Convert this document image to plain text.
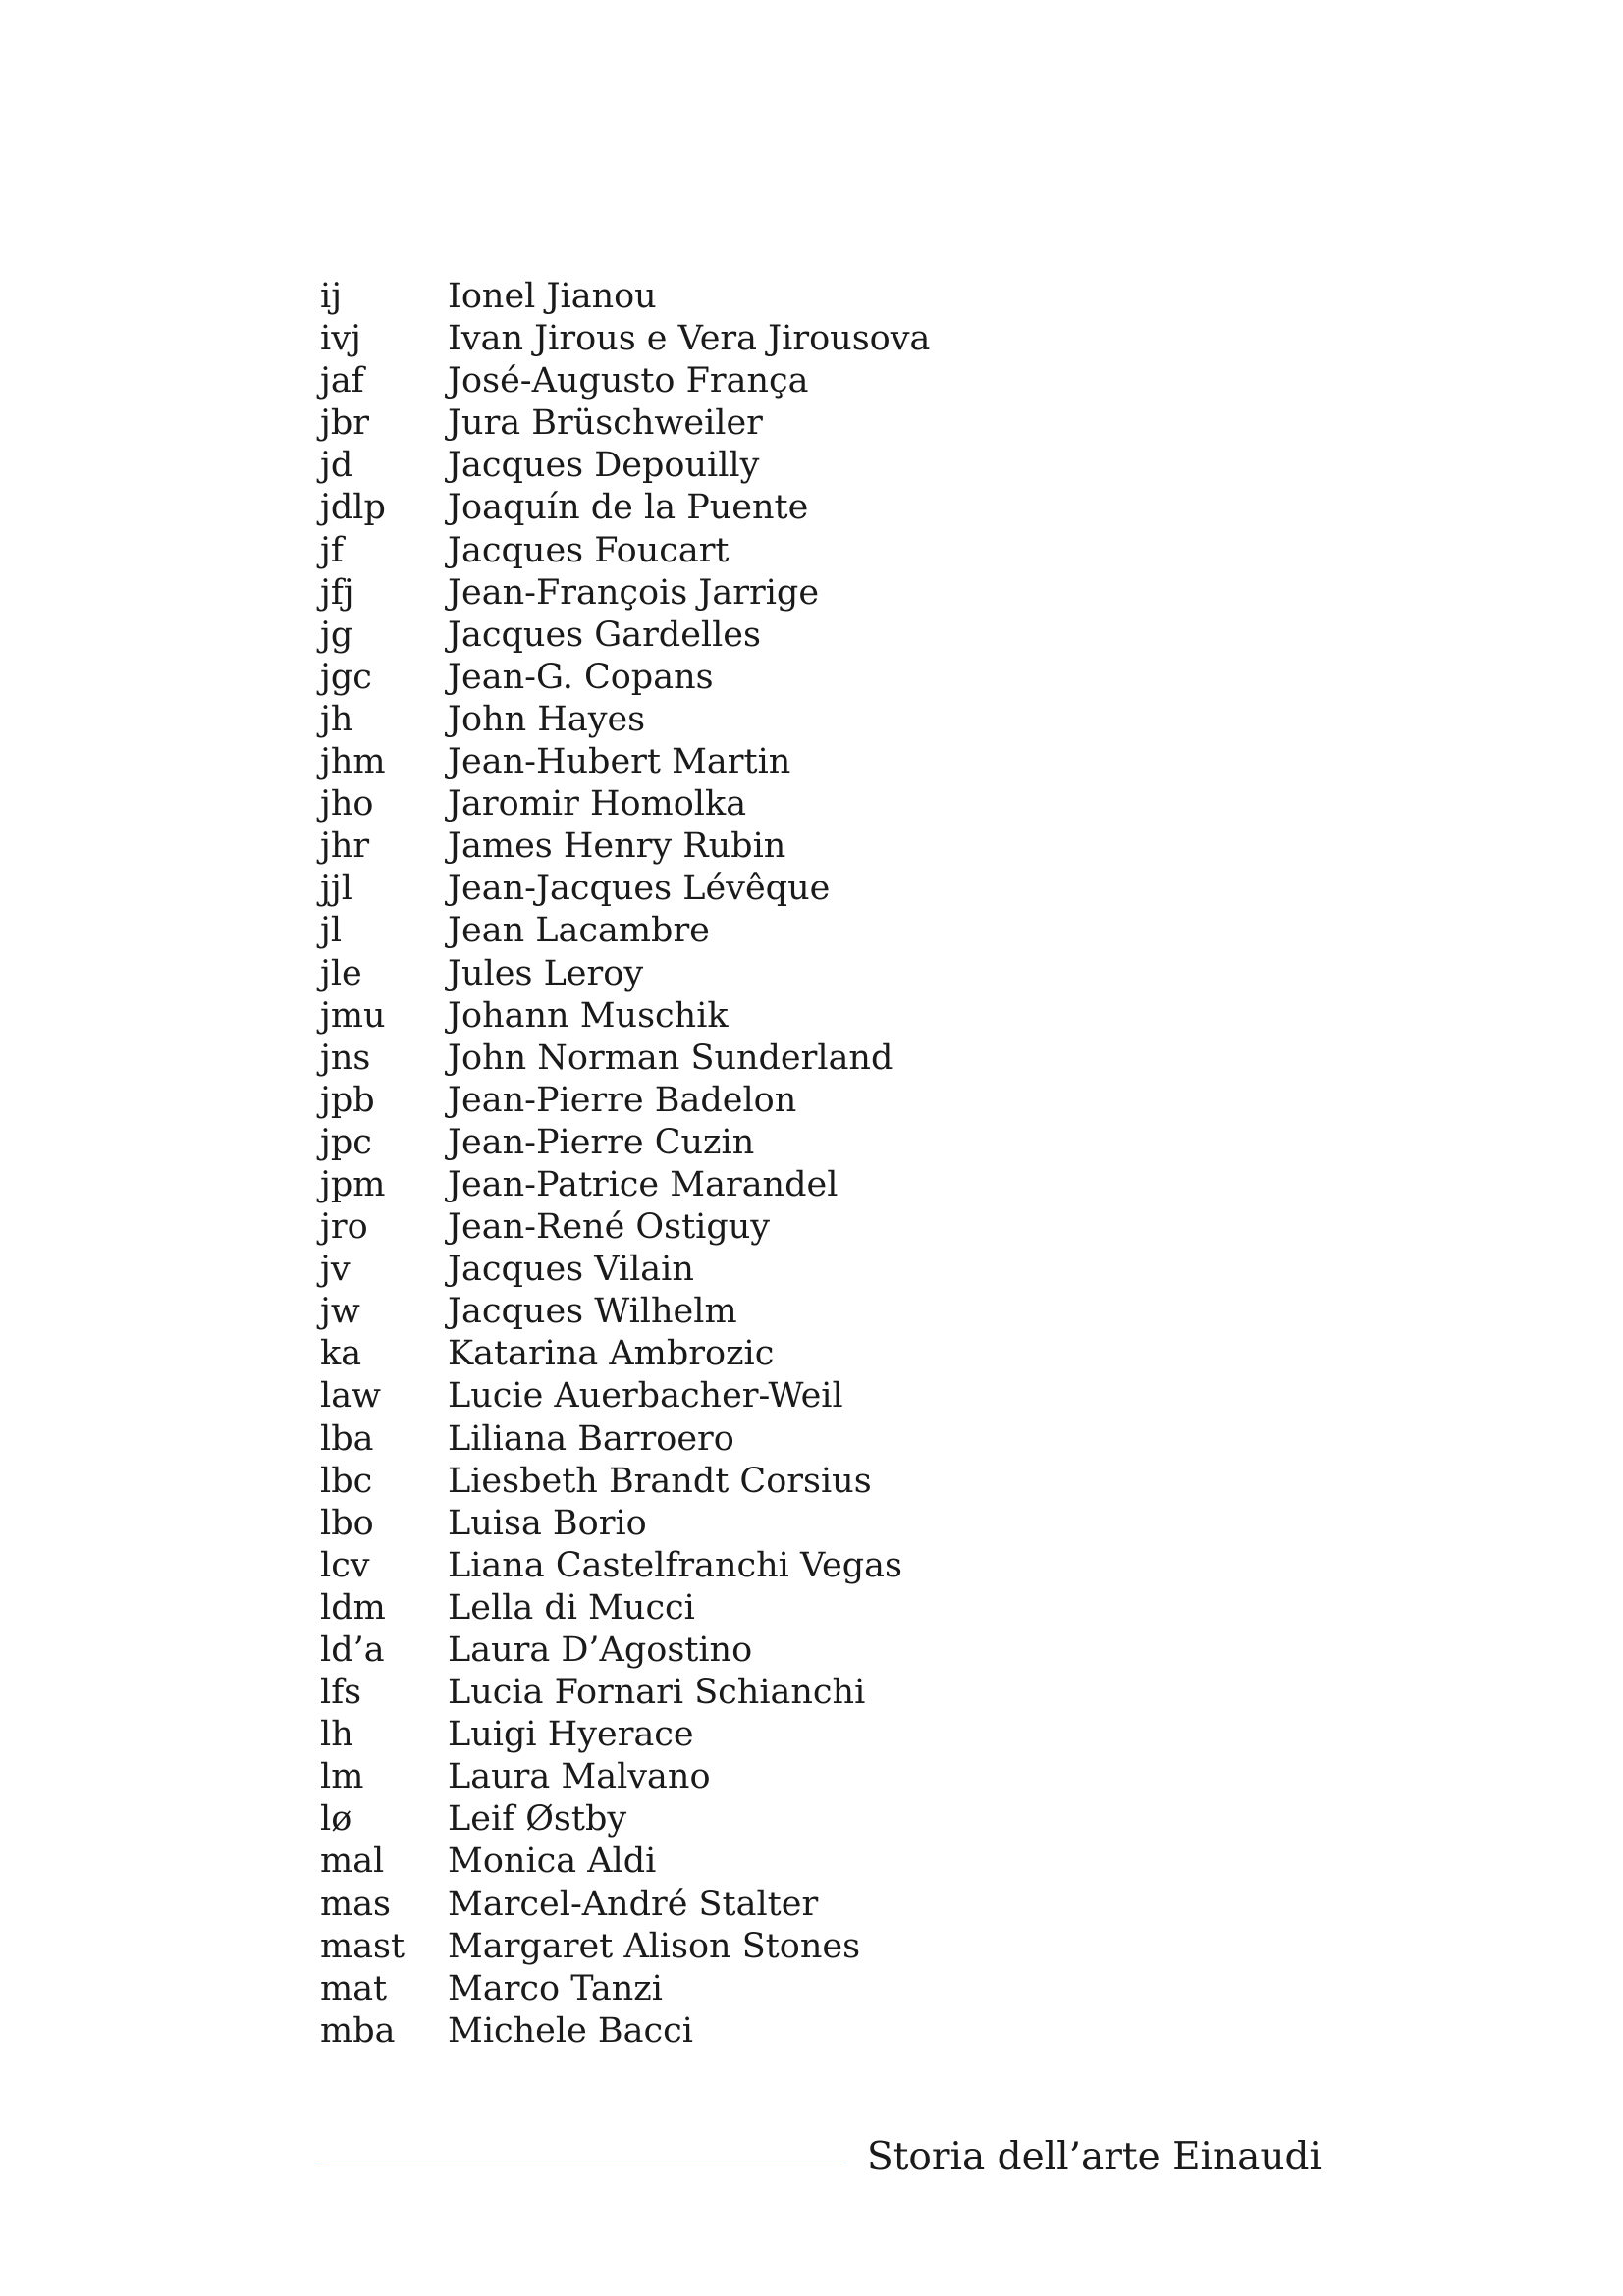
ij	Ionel Jianou
ivj	Ivan Jirous e Vera Jirousova
jaf	José-Augusto França
jbr	Jura Brüschweiler
jd	Jacques Depouilly
jdlp	Joaquín de la Puente
jf	Jacques Foucart
jfj	Jean-François Jarrige
jg	Jacques Gardelles
jgc	Jean-G. Copans
jh	John Hayes
jhm	Jean-Hubert Martin
jho	Jaromir Homolka
jhr	James Henry Rubin
jjl	Jean-Jacques Lévêque
jl	Jean Lacambre
jle	Jules Leroy
jmu	Johann Muschik
jns	John Norman Sunderland
jpb	Jean-Pierre Badelon
jpc	Jean-Pierre Cuzin
jpm	Jean-Patrice Marandel
jro	Jean-René Ostiguy
jv	Jacques Vilain
jw	Jacques Wilhelm
ka	Katarina Ambrozic
law	Lucie Auerbacher-Weil
lba	Liliana Barroero
lbc	Liesbeth Brandt Corsius
lbo	Luisa Borio
lcv	Liana Castelfranchi Vegas
ldm	Lella di Mucci
ld’a	Laura D’Agostino
lfs	Lucia Fornari Schianchi
lh	Luigi Hyerace
lm	Laura Malvano
lø	Leif Østby
mal	Monica Aldi
mas	Marcel-André Stalter
mast	Margaret Alison Stones
mat	Marco Tanzi
mba	Michele Bacci
Storia dell’arte Einaudi
